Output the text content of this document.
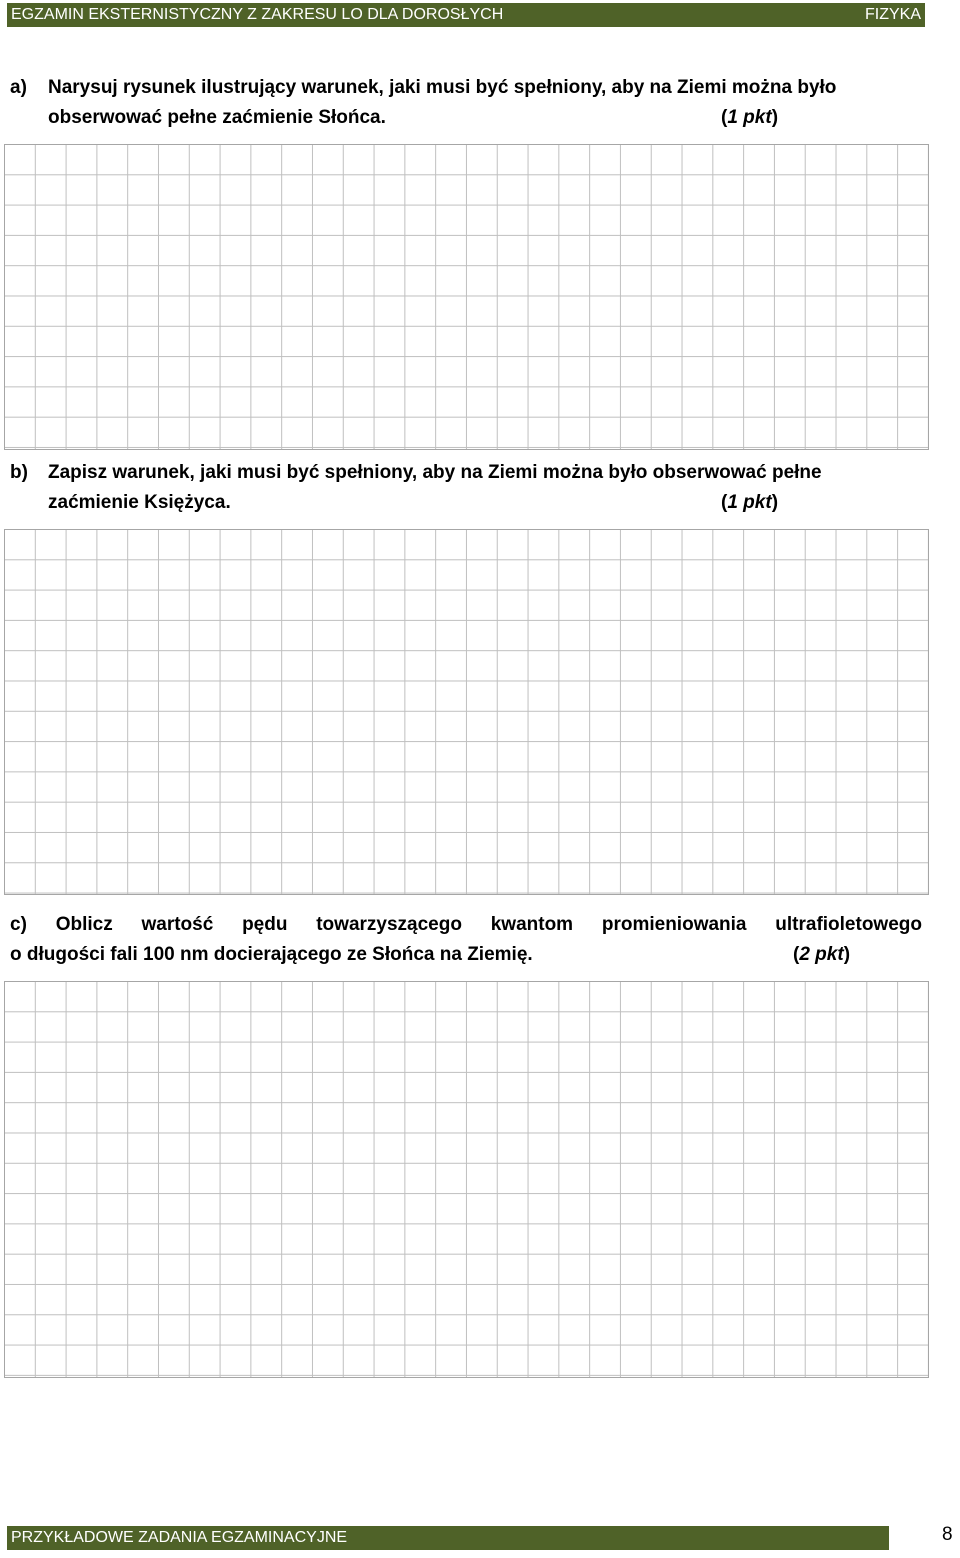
EGZAMIN EKSTERNISTYCZNY Z ZAKRESU LO DLA DOROSŁYCH	FIZYKA
a) Narysuj rysunek ilustrujący warunek, jaki musi być spełniony, aby na Ziemi można było
obserwować pełne zaćmienie Słońca.	(1 pkt)
b) Zapisz warunek, jaki musi być spełniony, aby na Ziemi można było obserwować pełne
zaćmienie Księżyca.	(1 pkt)
c) Oblicz wartość pędu towarzyszącego kwantom promieniowania ultrafioletowego
o długości fali 100 nm docierającego ze Słońca na Ziemię.	(2 pkt)
PRZYKŁADOWE ZADANIA EGZAMINACYJNE	8
